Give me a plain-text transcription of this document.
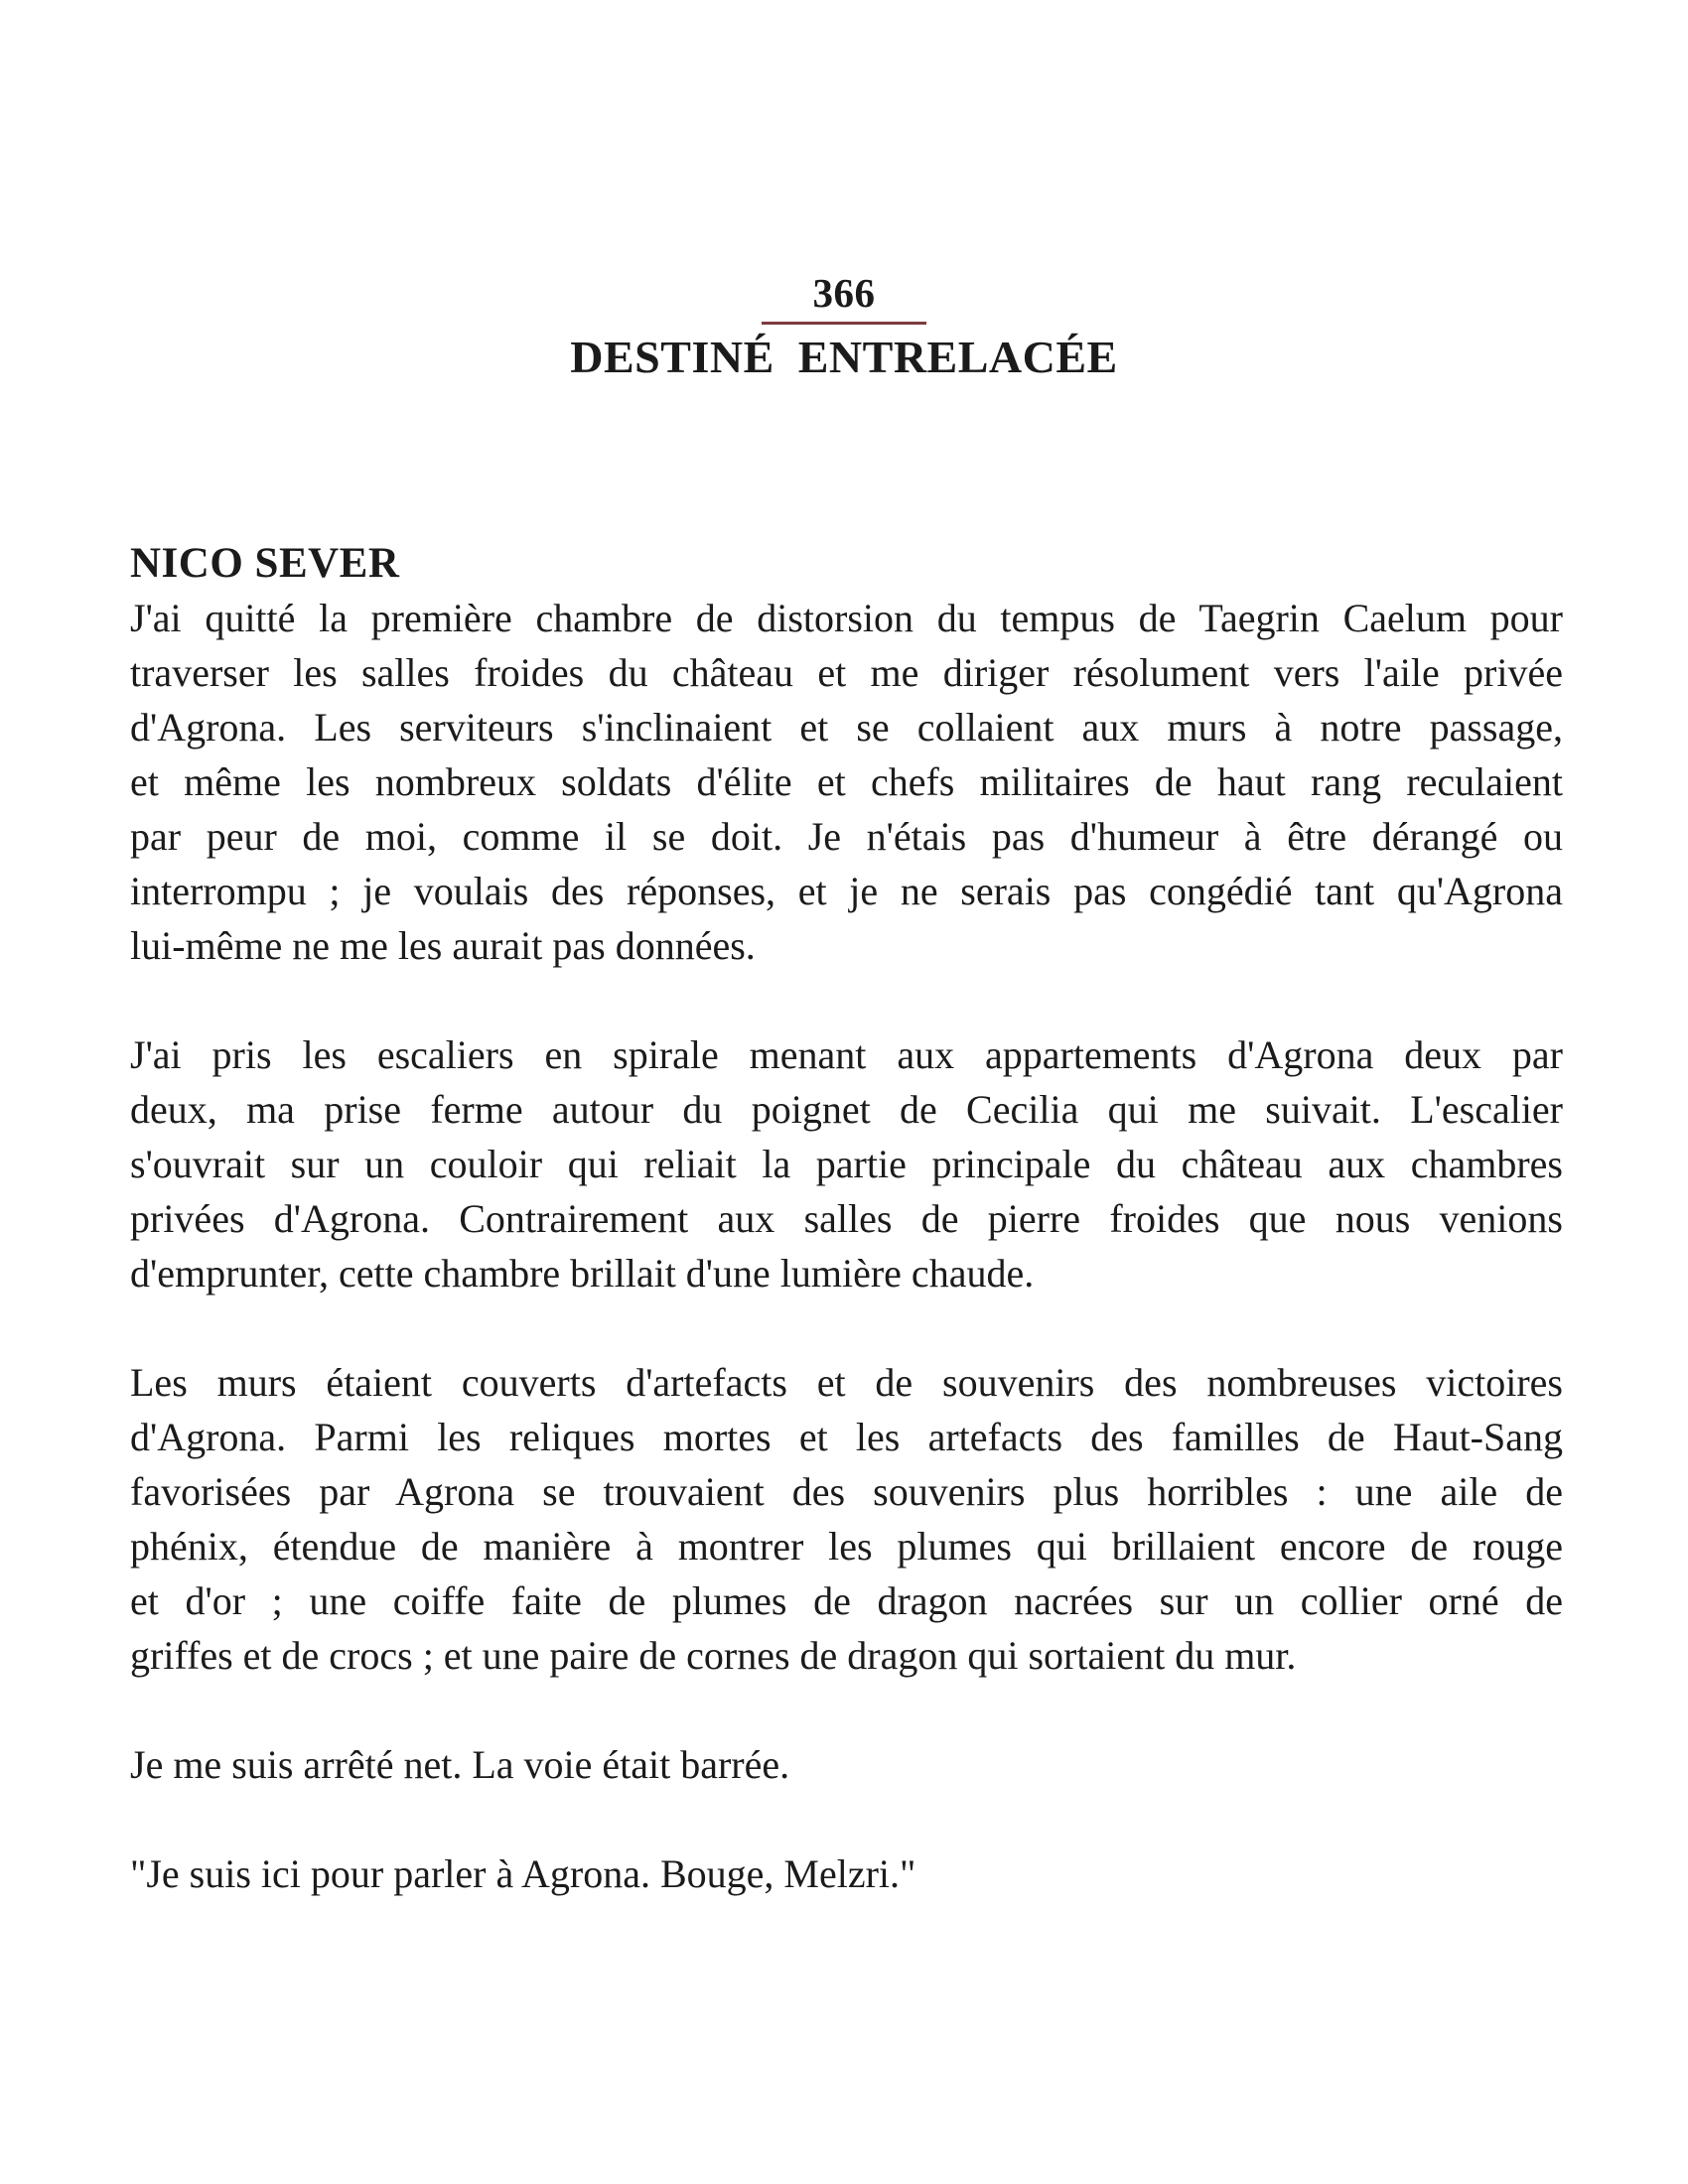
366
DESTINÉ  ENTRELACÉE
NICO SEVER
J'ai quitté la première chambre de distorsion du tempus de Taegrin Caelum pour
traverser les salles froides du château et me diriger résolument vers l'aile privée
d'Agrona. Les serviteurs s'inclinaient et se collaient aux murs à notre passage,
et même les nombreux soldats d'élite et chefs militaires de haut rang reculaient
par peur de moi, comme il se doit. Je n'étais pas d'humeur à être dérangé ou
interrompu ; je voulais des réponses, et je ne serais pas congédié tant qu'Agrona
lui-même ne me les aurait pas données.
J'ai pris les escaliers en spirale menant aux appartements d'Agrona deux par
deux, ma prise ferme autour du poignet de Cecilia qui me suivait. L'escalier
s'ouvrait sur un couloir qui reliait la partie principale du château aux chambres
privées d'Agrona. Contrairement aux salles de pierre froides que nous venions
d'emprunter, cette chambre brillait d'une lumière chaude.
Les murs étaient couverts d'artefacts et de souvenirs des nombreuses victoires
d'Agrona. Parmi les reliques mortes et les artefacts des familles de Haut-Sang
favorisées par Agrona se trouvaient des souvenirs plus horribles : une aile de
phénix, étendue de manière à montrer les plumes qui brillaient encore de rouge
et d'or ; une coiffe faite de plumes de dragon nacrées sur un collier orné de
griffes et de crocs ; et une paire de cornes de dragon qui sortaient du mur.
Je me suis arrêté net. La voie était barrée.
"Je suis ici pour parler à Agrona. Bouge, Melzri."
